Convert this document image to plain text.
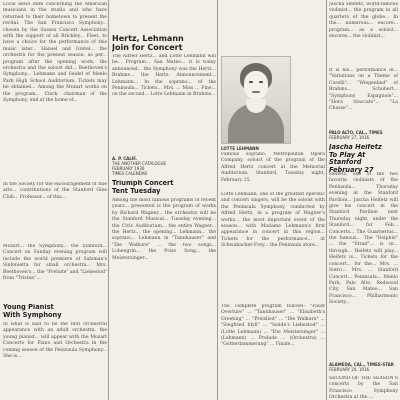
Local news item concerning the American musicians in the studio and who have returned to their hometown to present the recital. The San Francisco Symphony... chosen by the Sussex Concert Association with the support of all Brickley... Fleet, to have a choice for the performance of this music later... Hansel and Gretel... the orchestra for the present season, as per... program after the opening work, the orchestra and the soloist did... Beethoven's Symphony... Lehmann and Seidel of Menlo Park High School Auditorium. Tickets may be obtained... Among the Mozart works on the program... Clark, chairman of the Symphony, and at the home of...

In the Society for the encouragement of fine arts... contributions of the Stanford Glee Club... Professor... of this...

Mozart... the Symphony... the Stanford... Concert on Sunday evening program will include the world premiere of Salzman's Sinfonietta for small orchestra... Mrs. Beethoven's... the "Prelude" and "Liebestod" from "Tristan"...

Young Pianist

With Symphony

In what is said to be the first orchestral appearance with an adult orchestra, the young pianist... will appear with the Mozart Concerto for Piano and Orchestra in the coming season of the Peninsula Symphony... She is...

Hertz, Lehmann

Join for Concert

The Alfred Hertz... and Lotte Lehmann will be... Program... San Mateo... it is today announced... the Symphony was the Hertz... Brahms... the Hertz. Announcement... Lehmann... In the soprano... of the Peninsula... Tickets... Mrs. ... Miss ... Fine... on the second... Lotte Lehmann in Brahms...

A. P. CALIF.

THE ANOTHER CATALOGUE

FEBRUARY 1936

TIMES CALENDAR

Triumph Concert

Tent Tuesday

Among the most famous programs of recent years... presented is the program of works by Richard Wagner... the orchestra will be the Stanford Musical... Tuesday evening... the Civic Auditorium... the entire Wagner... the Hertz... the opening... Lehmann... the soprano... Lehmann in "Tannhauser" and "Die Walkure" ... the two songs... Lohengrin... the Prize Song... the Meistersinger...

LOTTE LEHMANN

Famous soprano, Metropolitan Opera Company, soloist of the program of the Alfred Hertz concert at the Memorial Auditorium, Stanford, Tuesday night, February 25.

Lotte Lehmann, one of the greatest operatic and concert singers, will be the soloist with the Peninsula Symphony, conducted by Alfred Hertz, in a program of Wagner's works... the most important event of the season... with Madame Lehmann's first appearance in concert in this region... Tickets for the performance... at Schwabacher-Frey... the Peninsula store...

The complete program follows: "Faust Overture" ... "Tannhauser" ... "Elisabeth's Greeting" ... "Preislied" ... "Die Walkure" ... "Siegfried Idyll" ... "Isolde's Liebestod" ... (Lotte Lehmann) ... "Die Meistersinger" ... (Lehmann) ... Prelude ... (Orchestra) ... "Gotterdammerung" ... Finale...

Jascha Heifetz, world-famous violinist... the program in all quarters of the globe... In the... numerous... encore... program... as a soloist... encores... the violinist...

It is his... performance in... "Variations on a Theme of Corelli"... "Wiegenlied" of Brahms... Schubert... "Symphony Espagnole"... "Hora Staccato"... "La Chasse"...

PALO ALTO, CAL., TIMES

FEBRUARY 27, 1936

Jascha Heifetz

To Play At Stanford

February 27

Heifetz, one of the two favorite violinists of the Peninsula... Thursday evening at the Stanford Pavilion... Jascha Heifetz will give his concert in the Stanford Pavilion next Thursday night, under the Stanford... for Feb... Concerts... The Guarnerius... the famous... The "Dolphin" ... the "Strad"... is in... through... Heifetz will play... Heifetz is... Tickets for the concert... for the... Mrs. ... Sutro... Mrs. ... Stanford Concert... Peninsula... Menlo Park, Palo Alto, Redwood City, San Mateo... San Francisco... Philharmonic Society...

ALAMEDA, CAL., TIMES-STAR

FEBRUARY 20, 1936

SECOND OF THE SEASON'S concerts by the San Francisco Symphony Orchestra at the ...
